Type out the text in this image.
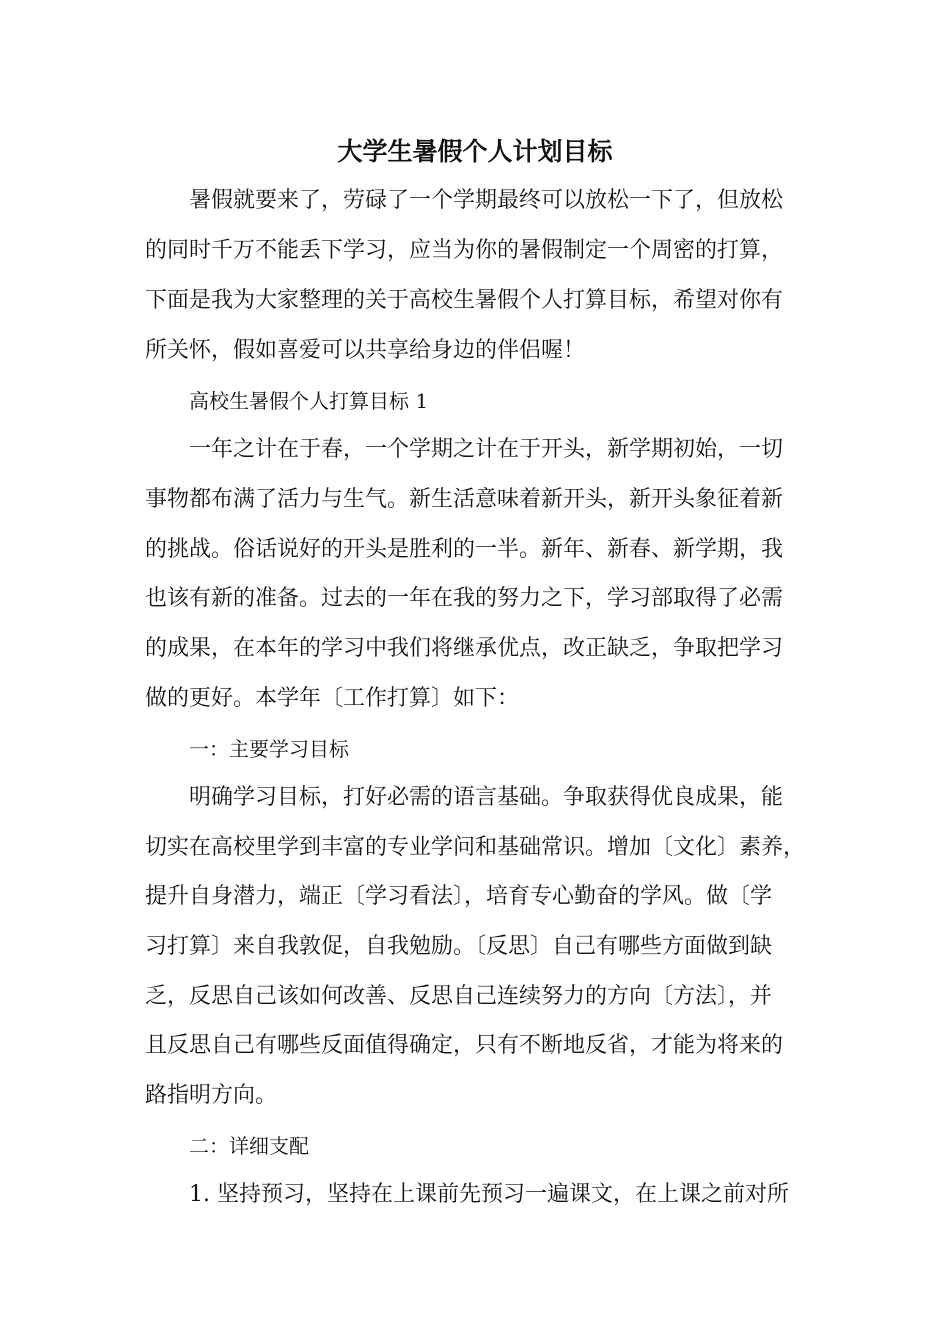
大学生暑假个人计划目标
暑假就要来了，劳碌了一个学期最终可以放松一下了，但放松
的同时千万不能丢下学习，应当为你的暑假制定一个周密的打算，
下面是我为大家整理的关于高校生暑假个人打算目标，希望对你有
所关怀，假如喜爱可以共享给身边的伴侣喔！
高校生暑假个人打算目标 1
一年之计在于春，一个学期之计在于开头，新学期初始，一切
事物都布满了活力与生气。新生活意味着新开头，新开头象征着新
的挑战。俗话说好的开头是胜利的一半。新年、新春、新学期，我
也该有新的准备。过去的一年在我的努力之下，学习部取得了必需
的成果，在本年的学习中我们将继承优点，改正缺乏，争取把学习
做的更好。本学年〔工作打算〕如下：
一：主要学习目标
明确学习目标，打好必需的语言基础。争取获得优良成果，能
切实在高校里学到丰富的专业学问和基础常识。增加〔文化〕素养，
提升自身潜力，端正〔学习看法〕，培育专心勤奋的学风。做〔学
习打算〕来自我敦促，自我勉励。〔反思〕自己有哪些方面做到缺
乏，反思自己该如何改善、反思自己连续努力的方向〔方法〕，并
且反思自己有哪些反面值得确定，只有不断地反省，才能为将来的
路指明方向。
二：详细支配
1. 坚持预习，坚持在上课前先预习一遍课文，在上课之前对所
